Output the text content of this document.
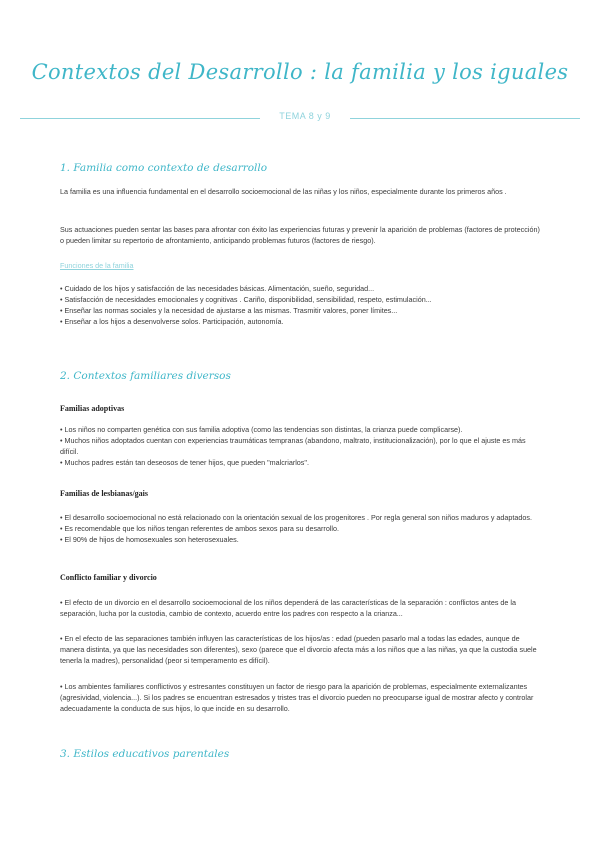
Contextos del Desarrollo : la familia y los iguales
TEMA 8 y 9
1. Familia como contexto de desarrollo

La familia es una influencia fundamental en el desarrollo socioemocional de las niñas y los niños, especialmente durante los primeros años .

Sus actuaciones pueden sentar las bases para afrontar con éxito las experiencias futuras y prevenir la aparición de problemas (factores de protección) o pueden limitar su repertorio de afrontamiento, anticipando problemas futuros (factores de riesgo).

Funciones de la familia
• Cuidado de los hijos y satisfacción de las necesidades básicas. Alimentación, sueño, seguridad...
• Satisfacción de necesidades emocionales y cognitivas . Cariño, disponibilidad, sensibilidad, respeto, estimulación...
• Enseñar las normas sociales y la necesidad de ajustarse a las mismas. Trasmitir valores, poner límites...
• Enseñar a los hijos a desenvolverse solos. Participación, autonomía.
2. Contextos familiares diversos
Familias adoptivas
• Los niños no comparten genética con sus familia adoptiva (como las tendencias son distintas, la crianza puede complicarse).
• Muchos niños adoptados cuentan con experiencias traumáticas tempranas (abandono, maltrato, institucionalización), por lo que el ajuste es más difícil.
• Muchos padres están tan deseosos de tener hijos, que pueden "malcriarlos".
Familias de lesbianas/gais
• El desarrollo socioemocional no está relacionado con la orientación sexual de los progenitores . Por regla general son niños maduros y adaptados.
• Es recomendable que los niños tengan referentes de ambos sexos para su desarrollo.
• El 90% de hijos de homosexuales son heterosexuales.
Conflicto familiar y divorcio

• El efecto de un divorcio en el desarrollo socioemocional de los niños dependerá de las características de la separación : conflictos antes de la separación, lucha por la custodia, cambio de contexto, acuerdo entre los padres con respecto a la crianza...

• En el efecto de las separaciones también influyen las características de los hijos/as : edad (pueden pasarlo mal a todas las edades, aunque de manera distinta, ya que las necesidades son diferentes), sexo (parece que el divorcio afecta más a los niños que a las niñas, ya que la custodia suele tenerla la madres), personalidad (peor si temperamento es difícil).

• Los ambientes familiares conflictivos y estresantes constituyen un factor de riesgo para la aparición de problemas, especialmente externalizantes (agresividad, violencia...). Si los padres se encuentran estresados y tristes tras el divorcio pueden no preocuparse igual de mostrar afecto y controlar adecuadamente la conducta de sus hijos, lo que incide en su desarrollo.

3. Estilos educativos parentales
